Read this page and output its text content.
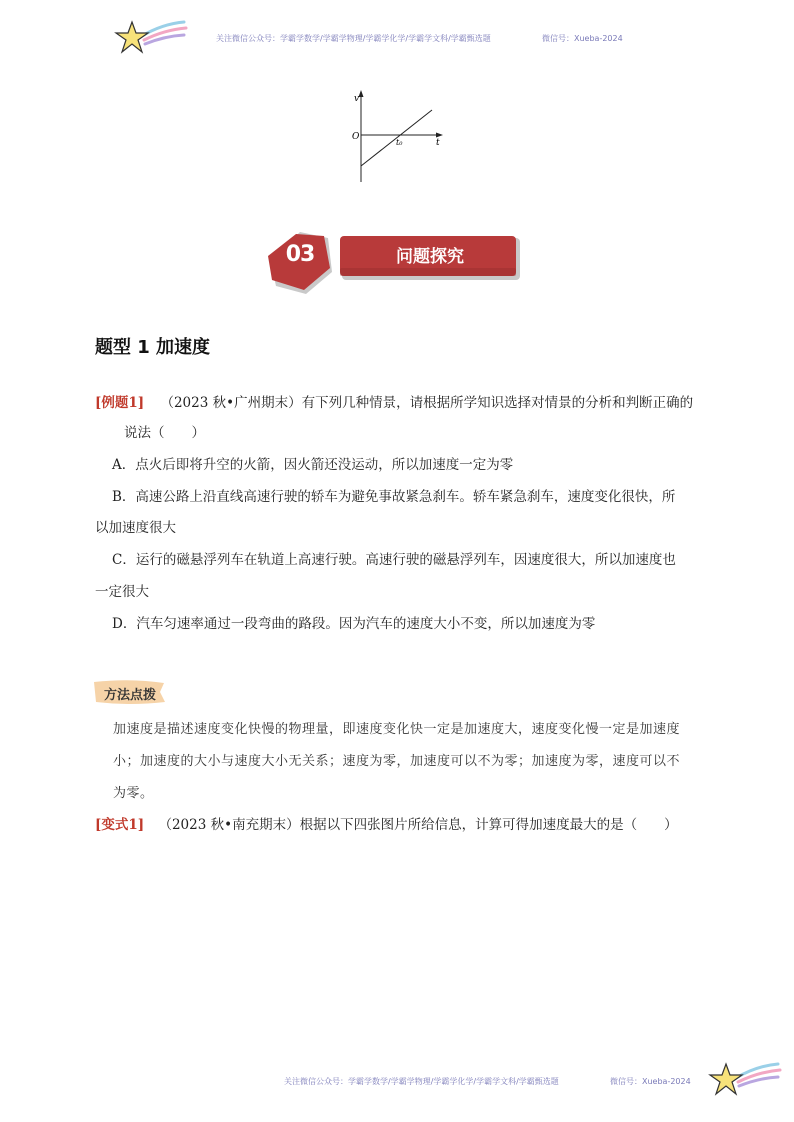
关注微信公众号：学霸学数学/学霸学物理/学霸学化学/学霸学文科/学霸甄选题	微信号：Xueba-2024
v
O
t₀	t
03	问题探究
题型 1 加速度
[例题1] （2023 秋•广州期末）有下列几种情景，请根据所学知识选择对情景的分析和判断正确的
说法（　　）
A．点火后即将升空的火箭，因火箭还没运动，所以加速度一定为零
B．高速公路上沿直线高速行驶的轿车为避免事故紧急刹车。轿车紧急刹车，速度变化很快，所
以加速度很大
C．运行的磁悬浮列车在轨道上高速行驶。高速行驶的磁悬浮列车，因速度很大，所以加速度也
一定很大
D．汽车匀速率通过一段弯曲的路段。因为汽车的速度大小不变，所以加速度为零
方法点拨
加速度是描述速度变化快慢的物理量，即速度变化快一定是加速度大，速度变化慢一定是加速度
小；加速度的大小与速度大小无关系；速度为零，加速度可以不为零；加速度为零，速度可以不
为零。
[变式1] （2023 秋•南充期末）根据以下四张图片所给信息，计算可得加速度最大的是（　　）
关注微信公众号：学霸学数学/学霸学物理/学霸学化学/学霸学文科/学霸甄选题	微信号：Xueba-2024
